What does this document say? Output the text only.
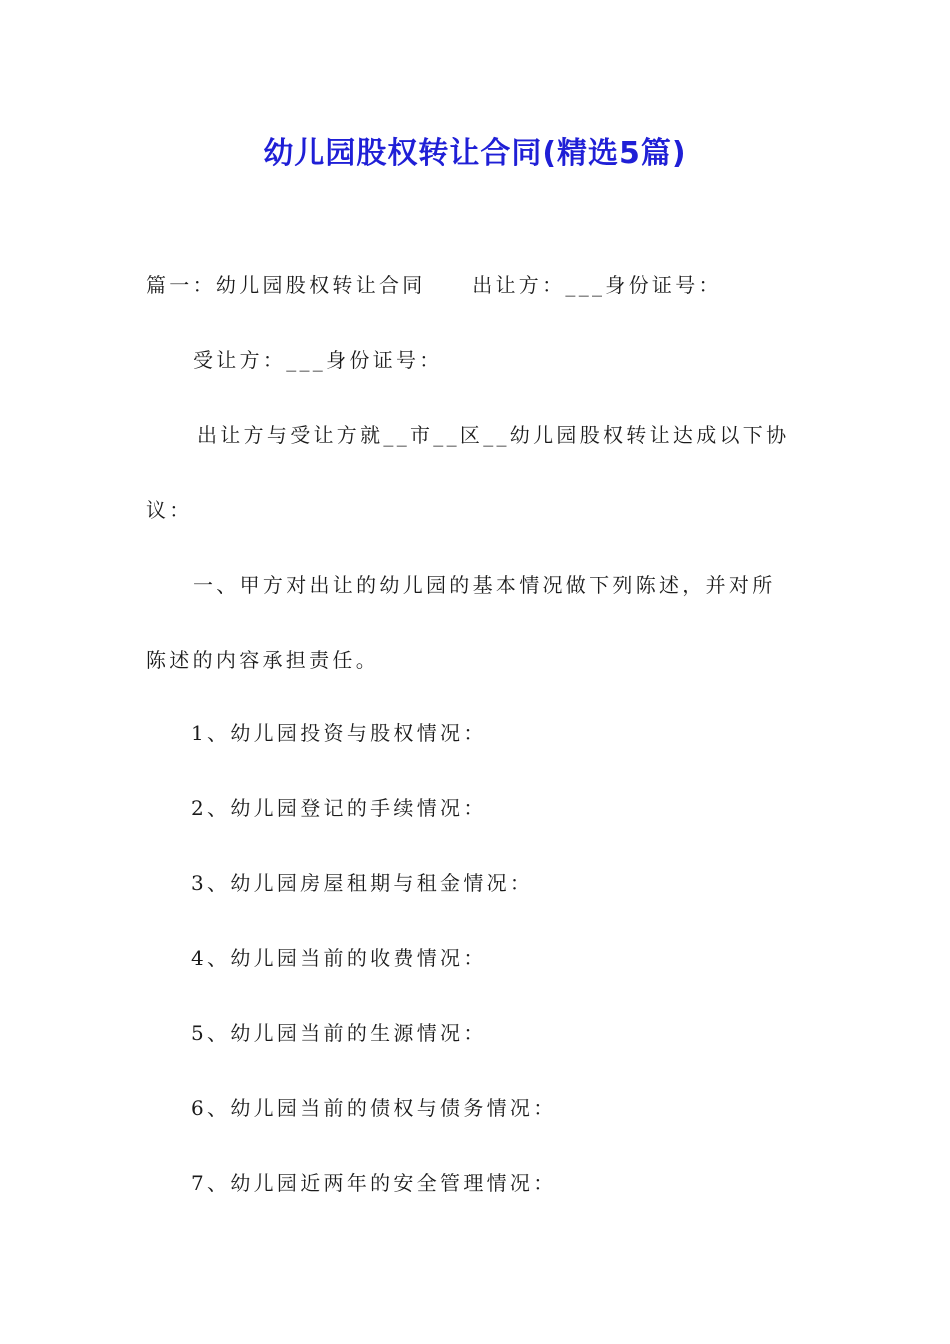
幼儿园股权转让合同(精选5篇)
篇一：幼儿园股权转让合同　　出让方：___身份证号：
受让方：___身份证号：
出让方与受让方就__市__区__幼儿园股权转让达成以下协
议：
一、甲方对出让的幼儿园的基本情况做下列陈述，并对所
陈述的内容承担责任。
1、幼儿园投资与股权情况：
2、幼儿园登记的手续情况：
3、幼儿园房屋租期与租金情况：
4、幼儿园当前的收费情况：
5、幼儿园当前的生源情况：
6、幼儿园当前的债权与债务情况：
7、幼儿园近两年的安全管理情况：
